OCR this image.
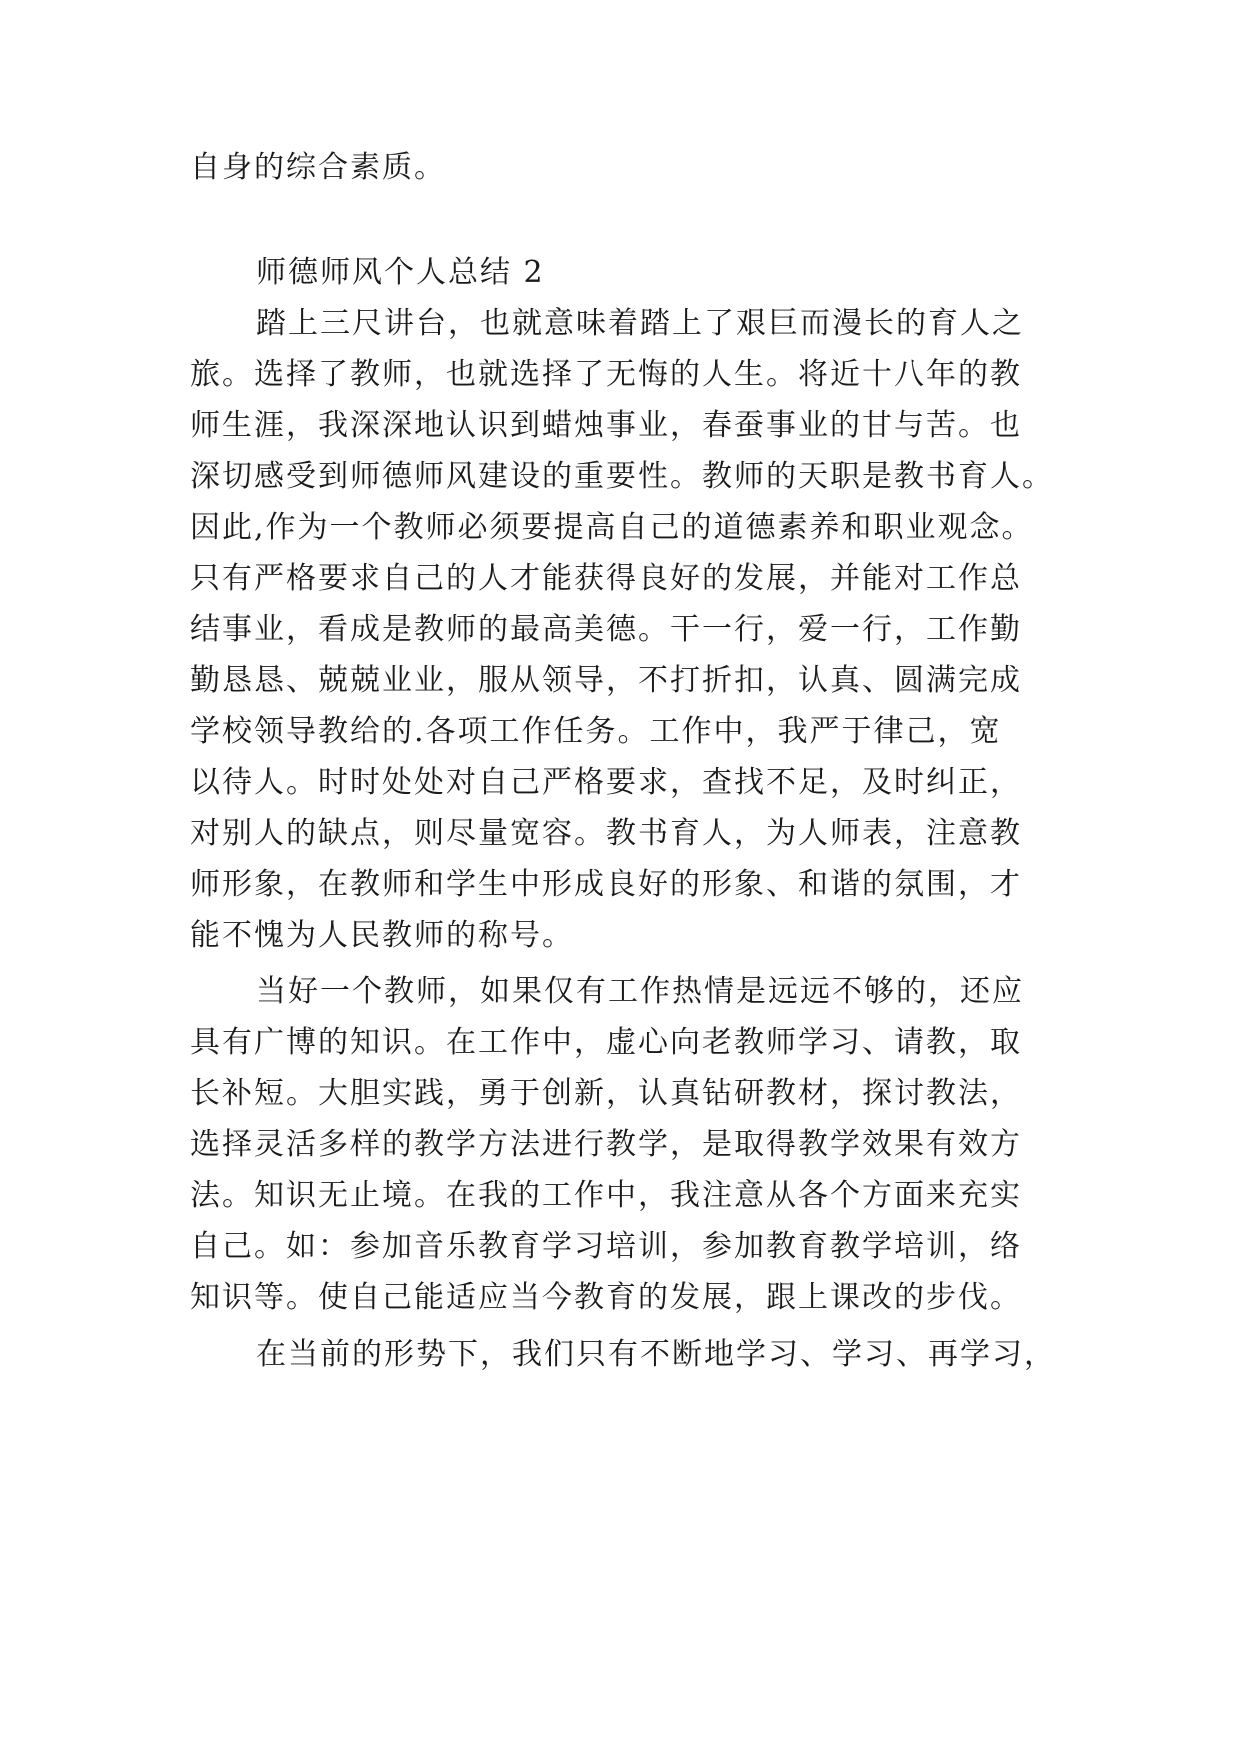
自身的综合素质。
师德师风个人总结 2
踏上三尺讲台，也就意味着踏上了艰巨而漫长的育人之
旅。选择了教师，也就选择了无悔的人生。将近十八年的教
师生涯，我深深地认识到蜡烛事业，春蚕事业的甘与苦。也
深切感受到师德师风建设的重要性。教师的天职是教书育人。
因此,作为一个教师必须要提高自己的道德素养和职业观念。
只有严格要求自己的人才能获得良好的发展，并能对工作总
结事业，看成是教师的最高美德。干一行，爱一行，工作勤
勤恳恳、兢兢业业，服从领导，不打折扣，认真、圆满完成
学校领导教给的.各项工作任务。工作中，我严于律己，宽
以待人。时时处处对自己严格要求，查找不足，及时纠正，
对别人的缺点，则尽量宽容。教书育人，为人师表，注意教
师形象，在教师和学生中形成良好的形象、和谐的氛围，才
能不愧为人民教师的称号。
当好一个教师，如果仅有工作热情是远远不够的，还应
具有广博的知识。在工作中，虚心向老教师学习、请教，取
长补短。大胆实践，勇于创新，认真钻研教材，探讨教法，
选择灵活多样的教学方法进行教学，是取得教学效果有效方
法。知识无止境。在我的工作中，我注意从各个方面来充实
自己。如：参加音乐教育学习培训，参加教育教学培训，络
知识等。使自己能适应当今教育的发展，跟上课改的步伐。
在当前的形势下，我们只有不断地学习、学习、再学习，
